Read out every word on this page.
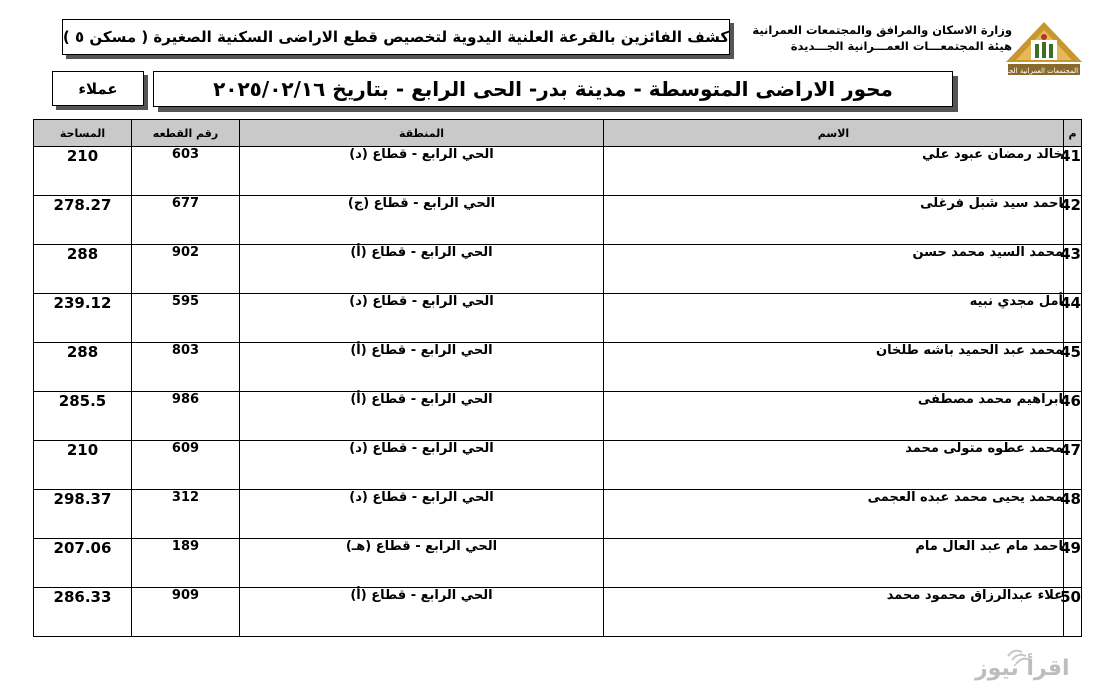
هيئة المجتمعات العمرانية الجديدة
وزارة الاسكان والمرافق والمجتمعات العمرانية
هيئة المجتمعـــات العمـــرانية الجـــديدة
كشف الفائزين بالقرعة العلنية اليدوية لتخصيص قطع الاراضى السكنية الصغيرة ( مسكن ٥ )
محور الاراضى المتوسطة - مدينة بدر- الحى الرابع - بتاريخ ٢٠٢٥/٠٢/١٦
عملاء
م	الاسم	المنطقة	رقم القطعه	المساحة
41	خالد رمضان عبود علي	الحي الرابع - قطاع (د)	603	210
42	احمد سيد شبل فرغلى	الحي الرابع - قطاع (ج)	677	278.27
43	محمد السيد محمد حسن	الحي الرابع - قطاع (أ)	902	288
44	أمل مجدي نبيه	الحي الرابع - قطاع (د)	595	239.12
45	محمد عبد الحميد باشه طلخان	الحي الرابع - قطاع (أ)	803	288
46	ابراهيم محمد مصطفى	الحي الرابع - قطاع (أ)	986	285.5
47	محمد عطوه متولى محمد	الحي الرابع - قطاع (د)	609	210
48	محمد يحيى محمد عبده العجمى	الحي الرابع - قطاع (د)	312	298.37
49	احمد مام عبد العال مام	الحي الرابع - قطاع (هـ)	189	207.06
50	علاء عبدالرزاق محمود محمد	الحي الرابع - قطاع (أ)	909	286.33
اقرأ نيوز
